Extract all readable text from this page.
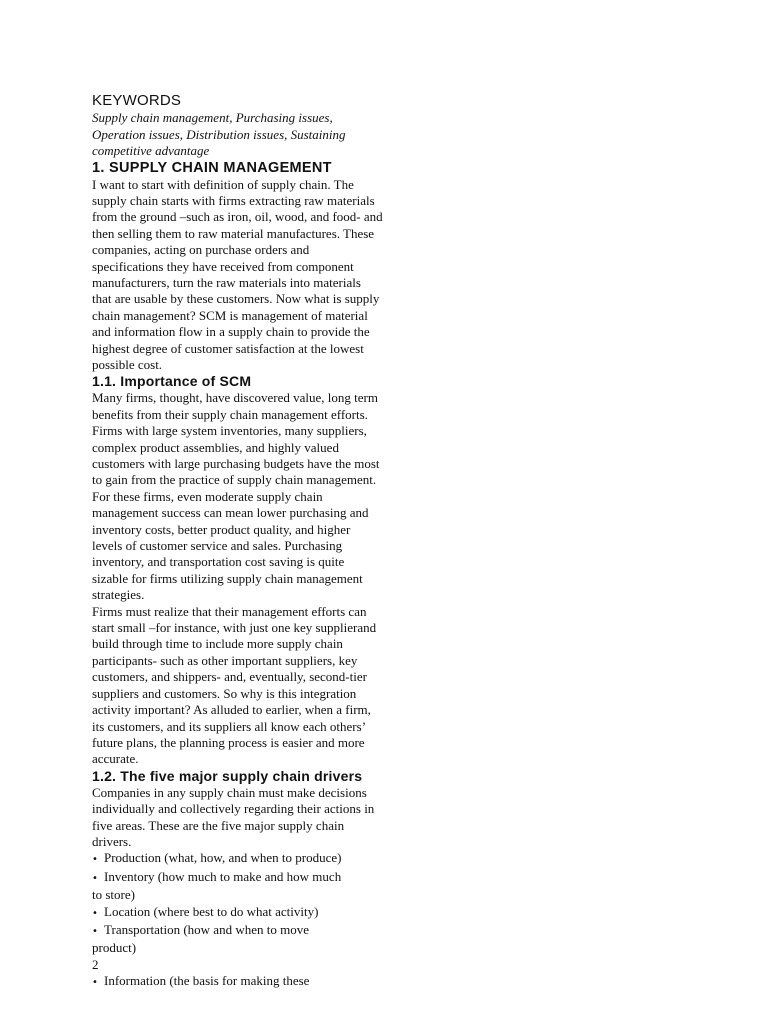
KEYWORDS

Supply chain management, Purchasing issues,

Operation issues, Distribution issues, Sustaining

competitive advantage

1. SUPPLY CHAIN MANAGEMENT

I want to start with definition of supply chain. The

supply chain starts with firms extracting raw materials

from the ground –such as iron, oil, wood, and food- and

then selling them to raw material manufactures. These

companies, acting on purchase orders and

specifications they have received from component

manufacturers, turn the raw materials into materials

that are usable by these customers. Now what is supply

chain management? SCM is management of material

and information flow in a supply chain to provide the

highest degree of customer satisfaction at the lowest

possible cost.

1.1. Importance of SCM

Many firms, thought, have discovered value, long term

benefits from their supply chain management efforts.

Firms with large system inventories, many suppliers,

complex product assemblies, and highly valued

customers with large purchasing budgets have the most

to gain from the practice of supply chain management.

For these firms, even moderate supply chain

management success can mean lower purchasing and

inventory costs, better product quality, and higher

levels of customer service and sales. Purchasing

inventory, and transportation cost saving is quite

sizable for firms utilizing supply chain management

strategies.

Firms must realize that their management efforts can

start small –for instance, with just one key supplierand

build through time to include more supply chain

participants- such as other important suppliers, key

customers, and shippers- and, eventually, second-tier

suppliers and customers. So why is this integration

activity important? As alluded to earlier, when a firm,

its customers, and its suppliers all know each others’

future plans, the planning process is easier and more

accurate.

1.2. The five major supply chain drivers

Companies in any supply chain must make decisions

individually and collectively regarding their actions in

five areas. These are the five major supply chain

drivers.

• Production (what, how, and when to produce)

• Inventory (how much to make and how much

to store)

• Location (where best to do what activity)

• Transportation (how and when to move

product)

2

• Information (the basis for making these
